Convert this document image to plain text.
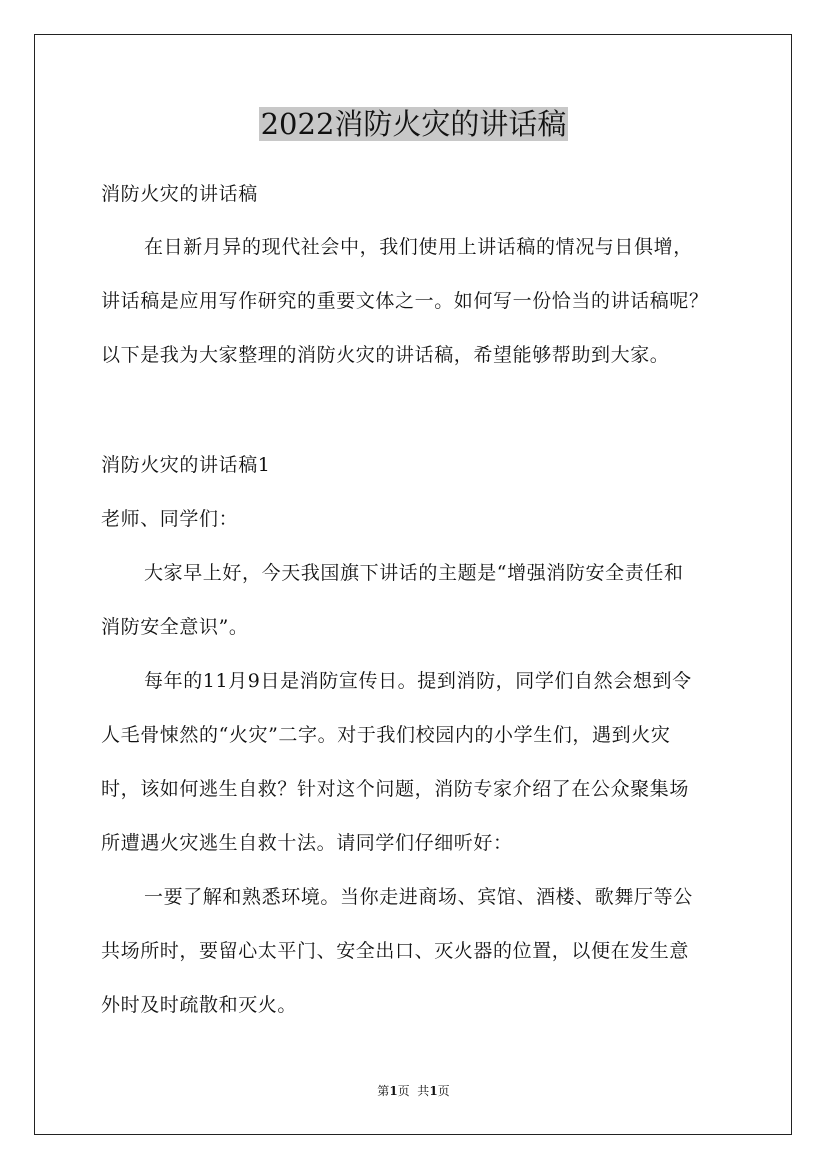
2022消防火灾的讲话稿
消防火灾的讲话稿
在日新月异的现代社会中，我们使用上讲话稿的情况与日俱增，
讲话稿是应用写作研究的重要文体之一。如何写一份恰当的讲话稿呢？
以下是我为大家整理的消防火灾的讲话稿，希望能够帮助到大家。
消防火灾的讲话稿1
老师、同学们：
大家早上好，今天我国旗下讲话的主题是“增强消防安全责任和
消防安全意识”。
每年的11月9日是消防宣传日。提到消防，同学们自然会想到令
人毛骨悚然的“火灾”二字。对于我们校园内的小学生们，遇到火灾
时，该如何逃生自救？针对这个问题，消防专家介绍了在公众聚集场
所遭遇火灾逃生自救十法。请同学们仔细听好：
一要了解和熟悉环境。当你走进商场、宾馆、酒楼、歌舞厅等公
共场所时，要留心太平门、安全出口、灭火器的位置，以便在发生意
外时及时疏散和灭火。
第1页  共1页
